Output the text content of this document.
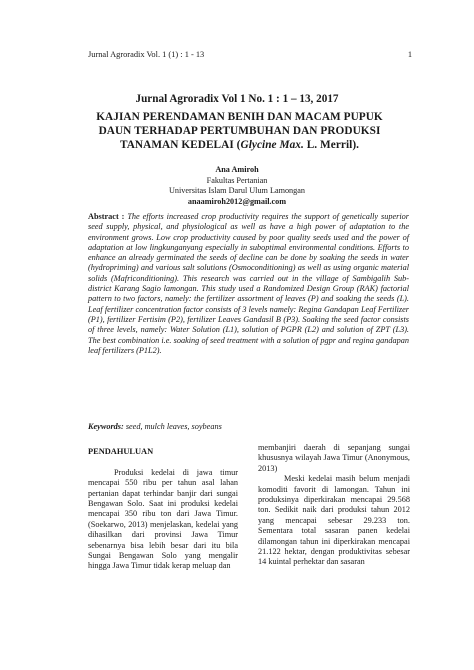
Jurnal Agroradix Vol. 1 (1) : 1 - 13	1
Jurnal Agroradix Vol 1 No. 1 : 1 – 13, 2017
KAJIAN PERENDAMAN BENIH DAN MACAM PUPUK DAUN TERHADAP PERTUMBUHAN DAN PRODUKSI TANAMAN KEDELAI (Glycine Max. L. Merril).
Ana Amiroh
Fakultas Pertanian
Universitas Islam Darul Ulum Lamongan
anaamiroh2012@gmail.com
Abstract : The efforts increased crop productivity requires the support of genetically superior seed supply, physical, and physiological as well as have a high power of adaptation to the environment grows. Low crop productivity caused by poor quality seeds used and the power of adaptation at low lingkunganyang especially in suboptimal environmental conditions. Efforts to enhance an already germinated the seeds of decline can be done by soaking the seeds in water (hydropriming) and various salt solutions (Osmoconditioning) as well as using organic material solids (Mafriconditioning). This research was carried out in the village of Sambigalih Sub-district Karang Sagio lamongan. This study used a Randomized Design Group (RAK) factorial pattern to two factors, namely: the fertilizer assortment of leaves (P) and soaking the seeds (L). Leaf fertilizer concentration factor consists of 3 levels namely: Regina Gandapan Leaf Fertilizer (P1), fertilizer Fertisim (P2), fertilizer Leaves Gandasil B (P3). Soaking the seed factor consists of three levels, namely: Water Solution (L1), solution of PGPR (L2) and solution of ZPT (L3). The best combination i.e. soaking of seed treatment with a solution of pgpr and regina gandapan leaf fertilizers (P1L2).
Keywords: seed, mulch leaves, soybeans
PENDAHULUAN

Produksi kedelai di jawa timur mencapai 550 ribu per tahun asal lahan pertanian dapat terhindar banjir dari sungai Bengawan Solo. Saat ini produksi kedelai mencapai 350 ribu ton dari Jawa Timur. (Soekarwo, 2013) menjelaskan, kedelai yang dihasilkan dari provinsi Jawa Timur sebenarnya bisa lebih besar dari itu bila Sungai Bengawan Solo yang mengalir hingga Jawa Timur tidak kerap meluap dan

membanjiri daerah di sepanjang sungai khususnya wilayah Jawa Timur (Anonymous, 2013)

Meski kedelai masih belum menjadi komoditi favorit di lamongan. Tahun ini produksinya diperkirakan mencapai 29.568 ton. Sedikit naik dari produksi tahun 2012 yang mencapai sebesar 29.233 ton. Sementara total sasaran panen kedelai dilamongan tahun ini diperkirakan mencapai 21.122 hektar, dengan produktivitas sebesar 14 kuintal perhektar dan sasaran
